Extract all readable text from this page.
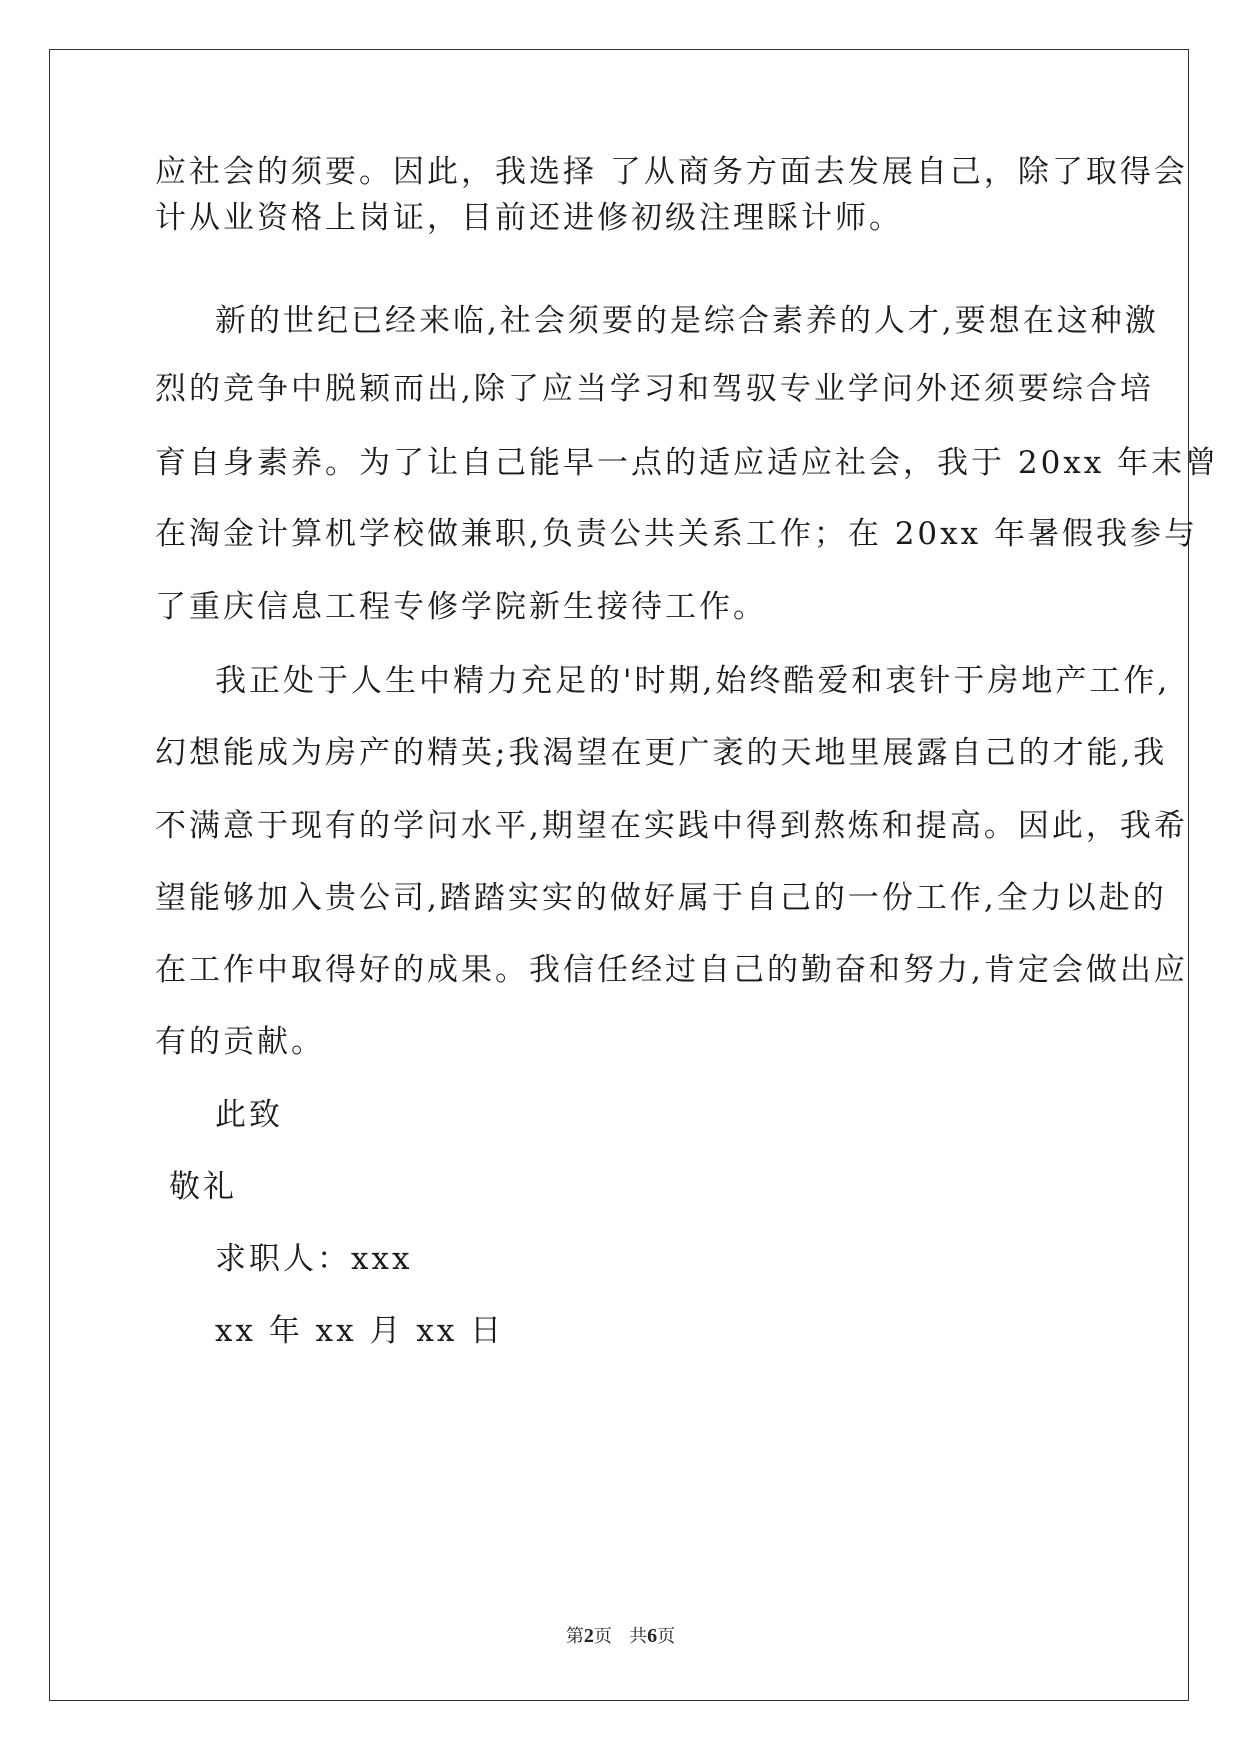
应社会的须要。因此，我选择 了从商务方面去发展自己，除了取得会
计从业资格上岗证，目前还进修初级注理睬计师。
新的世纪已经来临,社会须要的是综合素养的人才,要想在这种激
烈的竞争中脱颖而出,除了应当学习和驾驭专业学问外还须要综合培
育自身素养。为了让自己能早一点的适应适应社会，我于 20xx 年末曾
在淘金计算机学校做兼职,负责公共关系工作；在 20xx 年暑假我参与
了重庆信息工程专修学院新生接待工作。
我正处于人生中精力充足的'时期,始终酷爱和衷针于房地产工作,
幻想能成为房产的精英;我渴望在更广袤的天地里展露自己的才能,我
不满意于现有的学问水平,期望在实践中得到熬炼和提高。因此，我希
望能够加入贵公司,踏踏实实的做好属于自己的一份工作,全力以赴的
在工作中取得好的成果。我信任经过自己的勤奋和努力,肯定会做出应
有的贡献。
此致
敬礼
求职人：xxx
xx 年 xx 月 xx 日
第2页 共6页
